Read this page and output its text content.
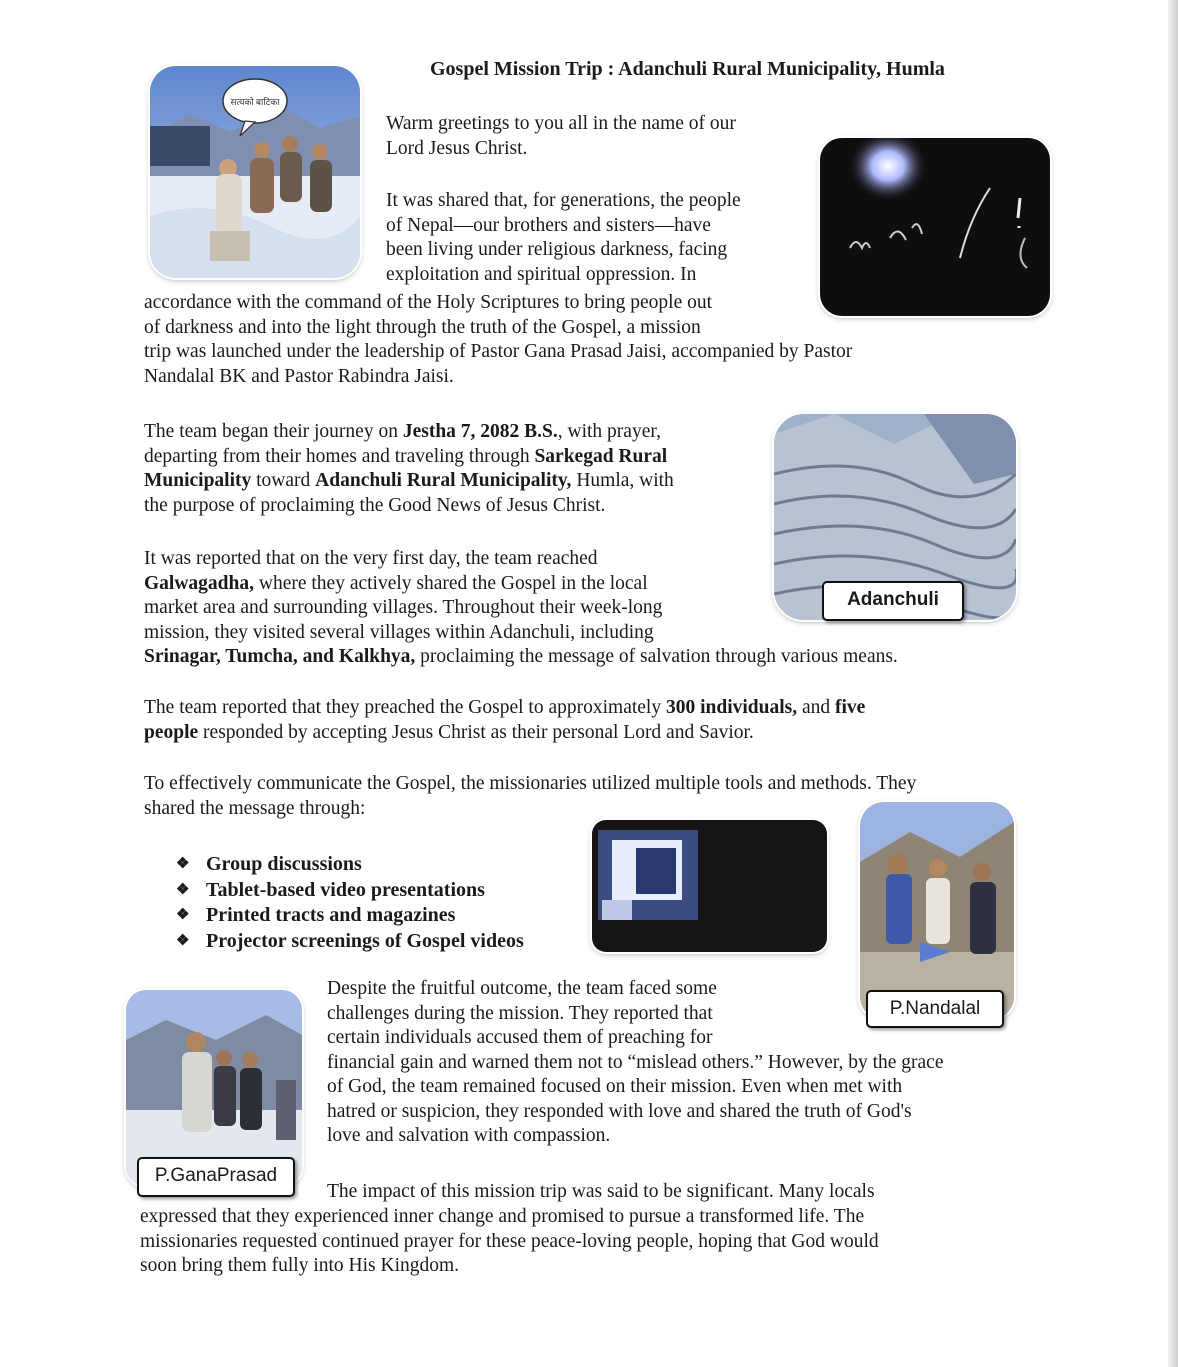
Gospel Mission Trip : Adanchuli Rural Municipality, Humla
सत्यको बाटिका
Adanchuli
P.Nandalal
P.GanaPrasad
Warm greetings to you all in the name of our
Lord Jesus Christ.
It was shared that, for generations, the people
of Nepal—our brothers and sisters—have
been living under religious darkness, facing
exploitation and spiritual oppression. In
accordance with the command of the Holy Scriptures to bring people out
of darkness and into the light through the truth of the Gospel, a mission
trip was launched under the leadership of Pastor Gana Prasad Jaisi, accompanied by Pastor
Nandalal BK and Pastor Rabindra Jaisi.
The team began their journey on Jestha 7, 2082 B.S., with prayer,
departing from their homes and traveling through Sarkegad Rural
Municipality toward Adanchuli Rural Municipality, Humla, with
the purpose of proclaiming the Good News of Jesus Christ.
It was reported that on the very first day, the team reached
Galwagadha, where they actively shared the Gospel in the local
market area and surrounding villages. Throughout their week-long
mission, they visited several villages within Adanchuli, including
Srinagar, Tumcha, and Kalkhya, proclaiming the message of salvation through various means.
The team reported that they preached the Gospel to approximately 300 individuals, and five
people responded by accepting Jesus Christ as their personal Lord and Savior.
To effectively communicate the Gospel, the missionaries utilized multiple tools and methods. They
shared the message through:
❖ Group discussions
❖ Tablet-based video presentations
❖ Printed tracts and magazines
❖ Projector screenings of Gospel videos
Despite the fruitful outcome, the team faced some
challenges during the mission. They reported that
certain individuals accused them of preaching for
financial gain and warned them not to “mislead others.” However, by the grace
of God, the team remained focused on their mission. Even when met with
hatred or suspicion, they responded with love and shared the truth of God's
love and salvation with compassion.
The impact of this mission trip was said to be significant. Many locals
expressed that they experienced inner change and promised to pursue a transformed life. The
missionaries requested continued prayer for these peace-loving people, hoping that God would
soon bring them fully into His Kingdom.
